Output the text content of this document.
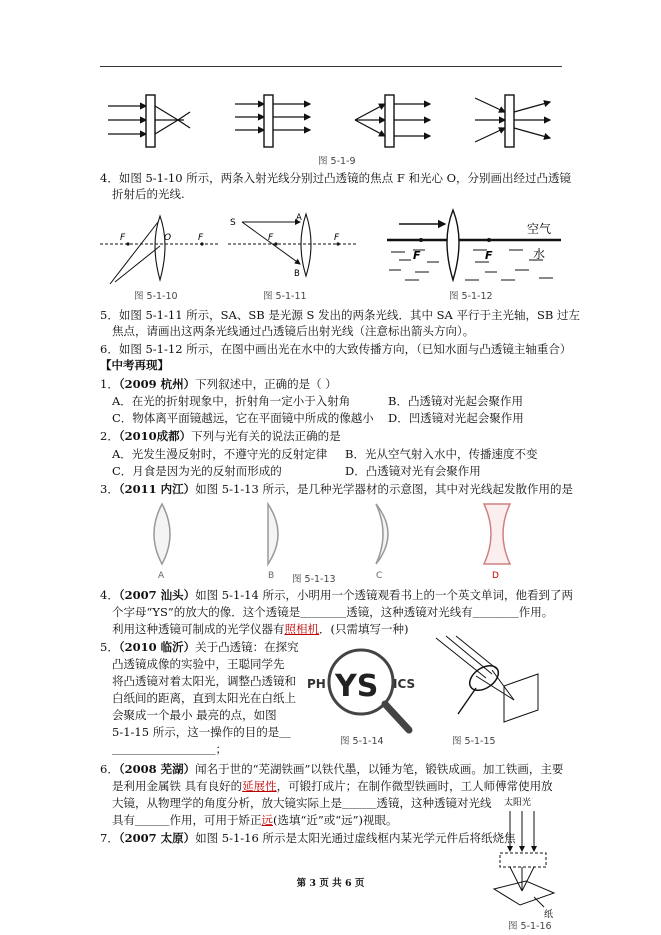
图 5-1-9
4．如图 5-1-10 所示，两条入射光线分别过凸透镜的焦点 F 和光心 O，分别画出经过凸透镜
折射后的光线.
F	O	F
图 5-1-10
S	A
B
F	F
图 5-1-11
F	F
空气
水
图 5-1-12
5．如图 5-1-11 所示，SA、SB 是光源 S 发出的两条光线．其中 SA 平行于主光轴，SB 过左
焦点，请画出这两条光线通过凸透镜后出射光线（注意标出箭头方向）。
6．如图 5-1-12 所示，在图中画出光在水中的大致传播方向，（已知水面与凸透镜主轴重合）
【中考再现】
1．（2009 杭州）下列叙述中，正确的是（ ）
A．在光的折射现象中，折射角一定小于入射角	B．凸透镜对光起会聚作用
C．物体离平面镜越远，它在平面镜中所成的像越小 D．凹透镜对光起会聚作用
2．（2010成都）下列与光有关的说法正确的是
A．光发生漫反射时，不遵守光的反射定律 B．光从空气射入水中，传播速度不变
C．月食是因为光的反射而形成的	D．凸透镜对光有会聚作用
3．（2011 内江）如图 5-1-13 所示，是几种光学器材的示意图，其中对光线起发散作用的是
A	B	C	D
图 5-1-13
4．（2007 汕头）如图 5-1-14 所示，小明用一个透镜观看书上的一个英文单词，他看到了两
个字母“YS”的放大的像．这个透镜是＿＿＿＿透镜，这种透镜对光线有＿＿＿＿作用。
利用这种透镜可制成的光学仪器有照相机．(只需填写一种)
5．（2010 临沂）关于凸透镜：在探究
凸透镜成像的实验中，王聪同学先
将凸透镜对着太阳光，调整凸透镜和
白纸间的距离，直到太阳光在白纸上
会聚成一个最小 最亮的点，如图
5-1-15 所示，这一操作的目的是＿
＿＿＿＿＿＿＿＿＿；
PH YS ICS
图 5-1-14	图 5-1-15
6．（2008 芜湖）闻名于世的“芜湖铁画”以铁代墨，以锤为笔，锻铁成画。加工铁画，主要
是利用金属铁 具有良好的延展性，可锻打成片；在制作微型铁画时，工人师傅常使用放
大镜，从物理学的角度分析，放大镜实际上是＿＿＿透镜，这种透镜对光线
具有＿＿＿作用，可用于矫正远(选填“近”或“远”)视眼。
7．（2007 太原）如图 5-1-16 所示是太阳光通过虚线框内某光学元件后将纸烧焦
太阳光
纸
图 5-1-16
第 3 页 共 6 页
